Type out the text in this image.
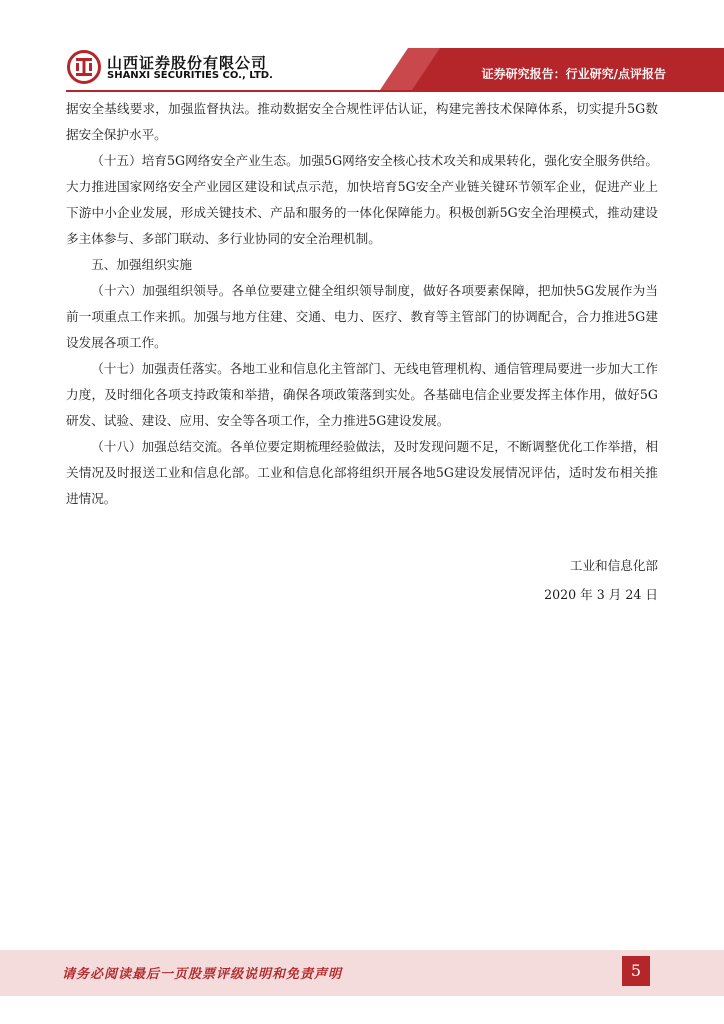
山西证券股份有限公司
SHANXI SECURITIES CO., LTD.	证券研究报告：行业研究/点评报告

据安全基线要求，加强监督执法。推动数据安全合规性评估认证，构建完善技术保障体系，切实提升5G数据安全保护水平。

（十五）培育5G网络安全产业生态。加强5G网络安全核心技术攻关和成果转化，强化安全服务供给。大力推进国家网络安全产业园区建设和试点示范，加快培育5G安全产业链关键环节领军企业，促进产业上下游中小企业发展，形成关键技术、产品和服务的一体化保障能力。积极创新5G安全治理模式，推动建设多主体参与、多部门联动、多行业协同的安全治理机制。

五、加强组织实施

（十六）加强组织领导。各单位要建立健全组织领导制度，做好各项要素保障，把加快5G发展作为当前一项重点工作来抓。加强与地方住建、交通、电力、医疗、教育等主管部门的协调配合，合力推进5G建设发展各项工作。

（十七）加强责任落实。各地工业和信息化主管部门、无线电管理机构、通信管理局要进一步加大工作力度，及时细化各项支持政策和举措，确保各项政策落到实处。各基础电信企业要发挥主体作用，做好5G研发、试验、建设、应用、安全等各项工作，全力推进5G建设发展。

（十八）加强总结交流。各单位要定期梳理经验做法，及时发现问题不足，不断调整优化工作举措，相关情况及时报送工业和信息化部。工业和信息化部将组织开展各地5G建设发展情况评估，适时发布相关推进情况。

工业和信息化部
2020 年 3 月 24 日
请务必阅读最后一页股票评级说明和免责声明	5
